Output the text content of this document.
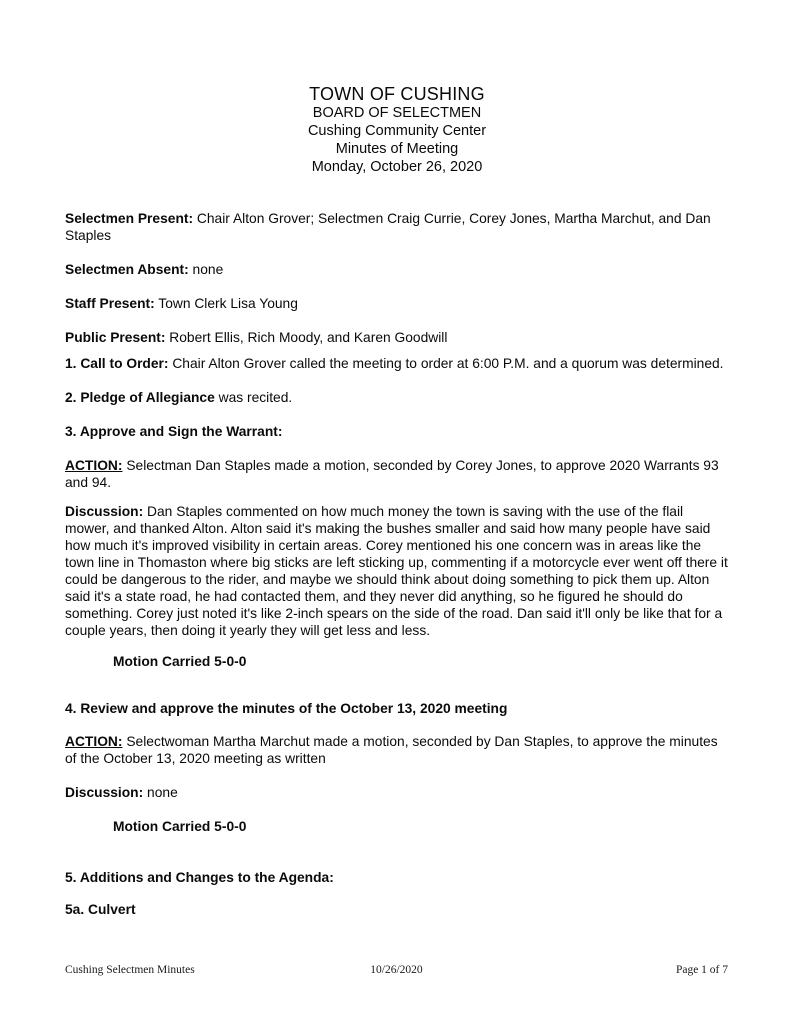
TOWN OF CUSHING
BOARD OF SELECTMEN
Cushing Community Center
Minutes of Meeting
Monday, October 26, 2020

Selectmen Present: Chair Alton Grover; Selectmen Craig Currie, Corey Jones, Martha Marchut, and Dan Staples

Selectmen Absent: none

Staff Present: Town Clerk Lisa Young

Public Present: Robert Ellis, Rich Moody, and Karen Goodwill

1. Call to Order: Chair Alton Grover called the meeting to order at 6:00 P.M. and a quorum was determined.

2. Pledge of Allegiance was recited.

3. Approve and Sign the Warrant:

ACTION: Selectman Dan Staples made a motion, seconded by Corey Jones, to approve 2020 Warrants 93 and 94.

Discussion: Dan Staples commented on how much money the town is saving with the use of the flail mower, and thanked Alton. Alton said it's making the bushes smaller and said how many people have said how much it's improved visibility in certain areas. Corey mentioned his one concern was in areas like the town line in Thomaston where big sticks are left sticking up, commenting if a motorcycle ever went off there it could be dangerous to the rider, and maybe we should think about doing something to pick them up. Alton said it's a state road, he had contacted them, and they never did anything, so he figured he should do something. Corey just noted it's like 2-inch spears on the side of the road. Dan said it'll only be like that for a couple years, then doing it yearly they will get less and less.

Motion Carried 5-0-0

4. Review and approve the minutes of the October 13, 2020 meeting

ACTION: Selectwoman Martha Marchut made a motion, seconded by Dan Staples, to approve the minutes of the October 13, 2020 meeting as written

Discussion: none

Motion Carried 5-0-0

5. Additions and Changes to the Agenda:

5a. Culvert

Cushing Selectmen Minutes	10/26/2020	Page 1 of 7
